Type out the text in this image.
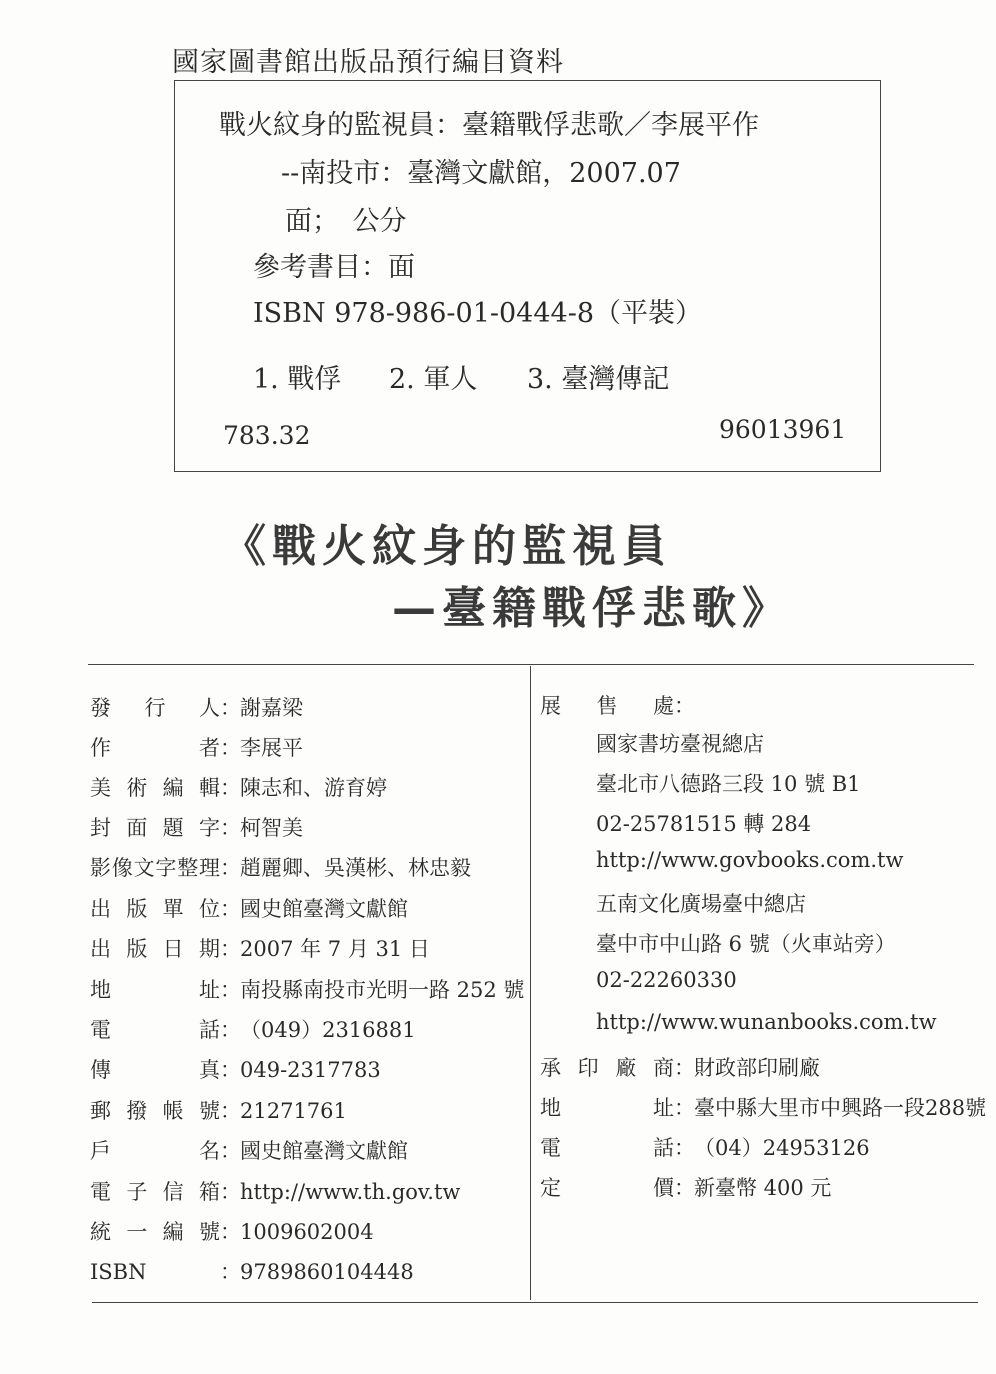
國家圖書館出版品預行編目資料
戰火紋身的監視員：臺籍戰俘悲歌／李展平作
--南投市：臺灣文獻館，2007.07
面；　公分
參考書目：面
ISBN 978-986-01-0444-8（平裝）
1. 戰俘 2. 軍人 3. 臺灣傳記
783.32	96013961
《戰火紋身的監視員
—臺籍戰俘悲歌》
發行人：謝嘉梁
作者：李展平
美術編輯：陳志和、游育婷
封面題字：柯智美
影像文字整理：趙麗卿、吳漢彬、林忠毅
出版單位：國史館臺灣文獻館
出版日期：2007 年 7 月 31 日
地址：南投縣南投市光明一路 252 號
電話：（049）2316881
傳真：049-2317783
郵撥帳號：21271761
戶名：國史館臺灣文獻館
電子信箱：http://www.th.gov.tw
統一編號：1009602004
ISBN	：9789860104448
展售處：
國家書坊臺視總店
臺北市八德路三段 10 號 B1
02-25781515 轉 284
http://www.govbooks.com.tw
五南文化廣場臺中總店
臺中市中山路 6 號（火車站旁）
02-22260330
http://www.wunanbooks.com.tw
承印廠商：財政部印刷廠
地址：臺中縣大里市中興路一段288號
電話：（04）24953126
定價：新臺幣 400 元
